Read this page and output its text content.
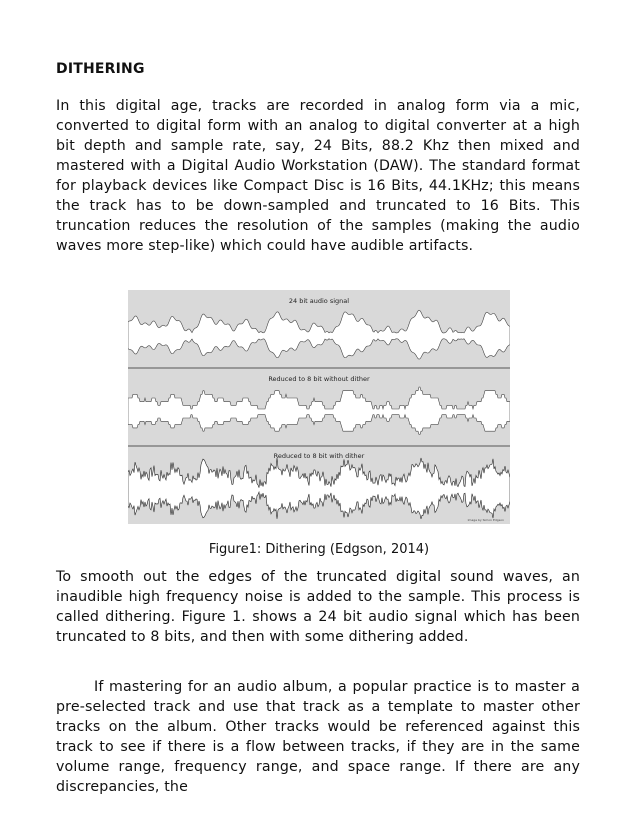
DITHERING
In this digital age, tracks are recorded in analog form via a mic, converted to digital form with an analog to digital converter at a high bit depth and sample rate, say, 24 Bits, 88.2 Khz then mixed and mastered with a Digital Audio Workstation (DAW). The standard format for playback devices like Compact Disc is 16 Bits, 44.1KHz; this means the track has to be down-sampled and truncated to 16 Bits. This truncation reduces the resolution of the samples (making the audio waves more step-like) which could have audible artifacts.
24 bit audio signal
Reduced to 8 bit without dither
Reduced to 8 bit with dither
Image by Simon Edgson
Figure1: Dithering (Edgson, 2014)
To smooth out the edges of the truncated digital sound waves, an inaudible high frequency noise is added to the sample. This process is called dithering. Figure 1. shows a 24 bit audio signal which has been truncated to 8 bits, and then with some dithering added.
If mastering for an audio album, a popular practice is to master a pre-selected track and use that track as a template to master other tracks on the album. Other tracks would be referenced against this track to see if there is a flow between tracks, if they are in the same volume range, frequency range, and space range. If there are any discrepancies, the
